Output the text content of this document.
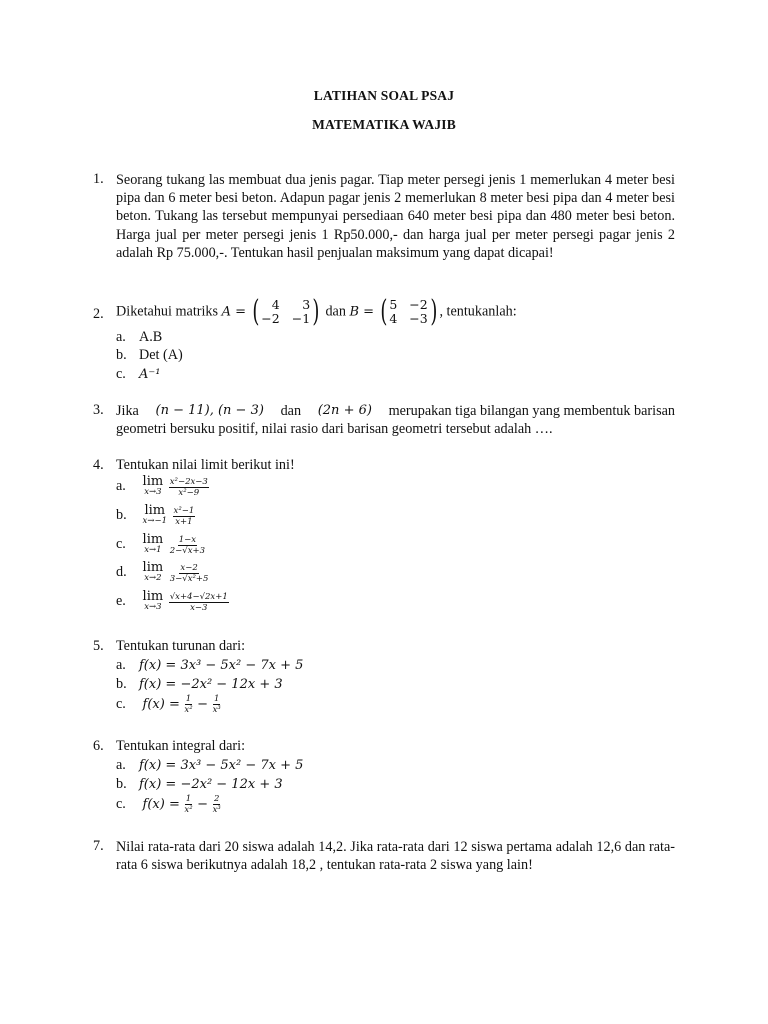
LATIHAN SOAL PSAJ
MATEMATIKA WAJIB
1. Seorang tukang las membuat dua jenis pagar. Tiap meter persegi jenis 1 memerlukan 4 meter besi pipa dan 6 meter besi beton. Adapun pagar jenis 2 memerlukan 8 meter besi pipa dan 4 meter besi beton. Tukang las tersebut mempunyai persediaan 640 meter besi pipa dan 480 meter besi beton. Harga jual per meter persegi jenis 1 Rp50.000,- dan harga jual per meter persegi pagar jenis 2 adalah Rp 75.000,-. Tentukan hasil penjualan maksimum yang dapat dicapai!
2. Diketahui matriks A = (	4	3
−2 −1 ) dan B = ( 5 −2
4 −3 ) , tentukanlah:
a. A.B
b. Det (A)
c. A⁻¹
3. Jika (n − 11), (n − 3) dan (2n + 6) merupakan tiga bilangan yang membentuk barisan
geometri bersuku positif, nilai rasio dari barisan geometri tersebut adalah ….
4. Tentukan nilai limit berikut ini!
a. lim
x→3
$\frac{\text{x²−2x−3}}{\text{x²−9}}$
b. lim
x→−1
$\frac{\text{x²−1}}{x+1}$
c. lim
x→1
$\frac{1-x}{2-√x+3}$
d. lim
x→2
$\frac{x-2}{\text{3−√x²+5}}$
e. lim
x→3
$\frac{√x+4-√2x+1}{x-3}$
5. Tentukan turunan dari:
a. f(x) = 3x³ − 5x² − 7x + 5
b. f(x) = −2x² − 12x + 3
c. $f(x) = \frac{1}{\text{x²}} - \frac{1}{\text{x³}}$
6. Tentukan integral dari:
a. f(x) = 3x³ − 5x² − 7x + 5
b. f(x) = −2x² − 12x + 3
c. $f(x) = \frac{1}{\text{x²}} - \frac{2}{\text{x³}}$
7. Nilai rata-rata dari 20 siswa adalah 14,2. Jika rata-rata dari 12 siswa pertama adalah 12,6 dan rata-rata 6 siswa berikutnya adalah 18,2 , tentukan rata-rata 2 siswa yang lain!
